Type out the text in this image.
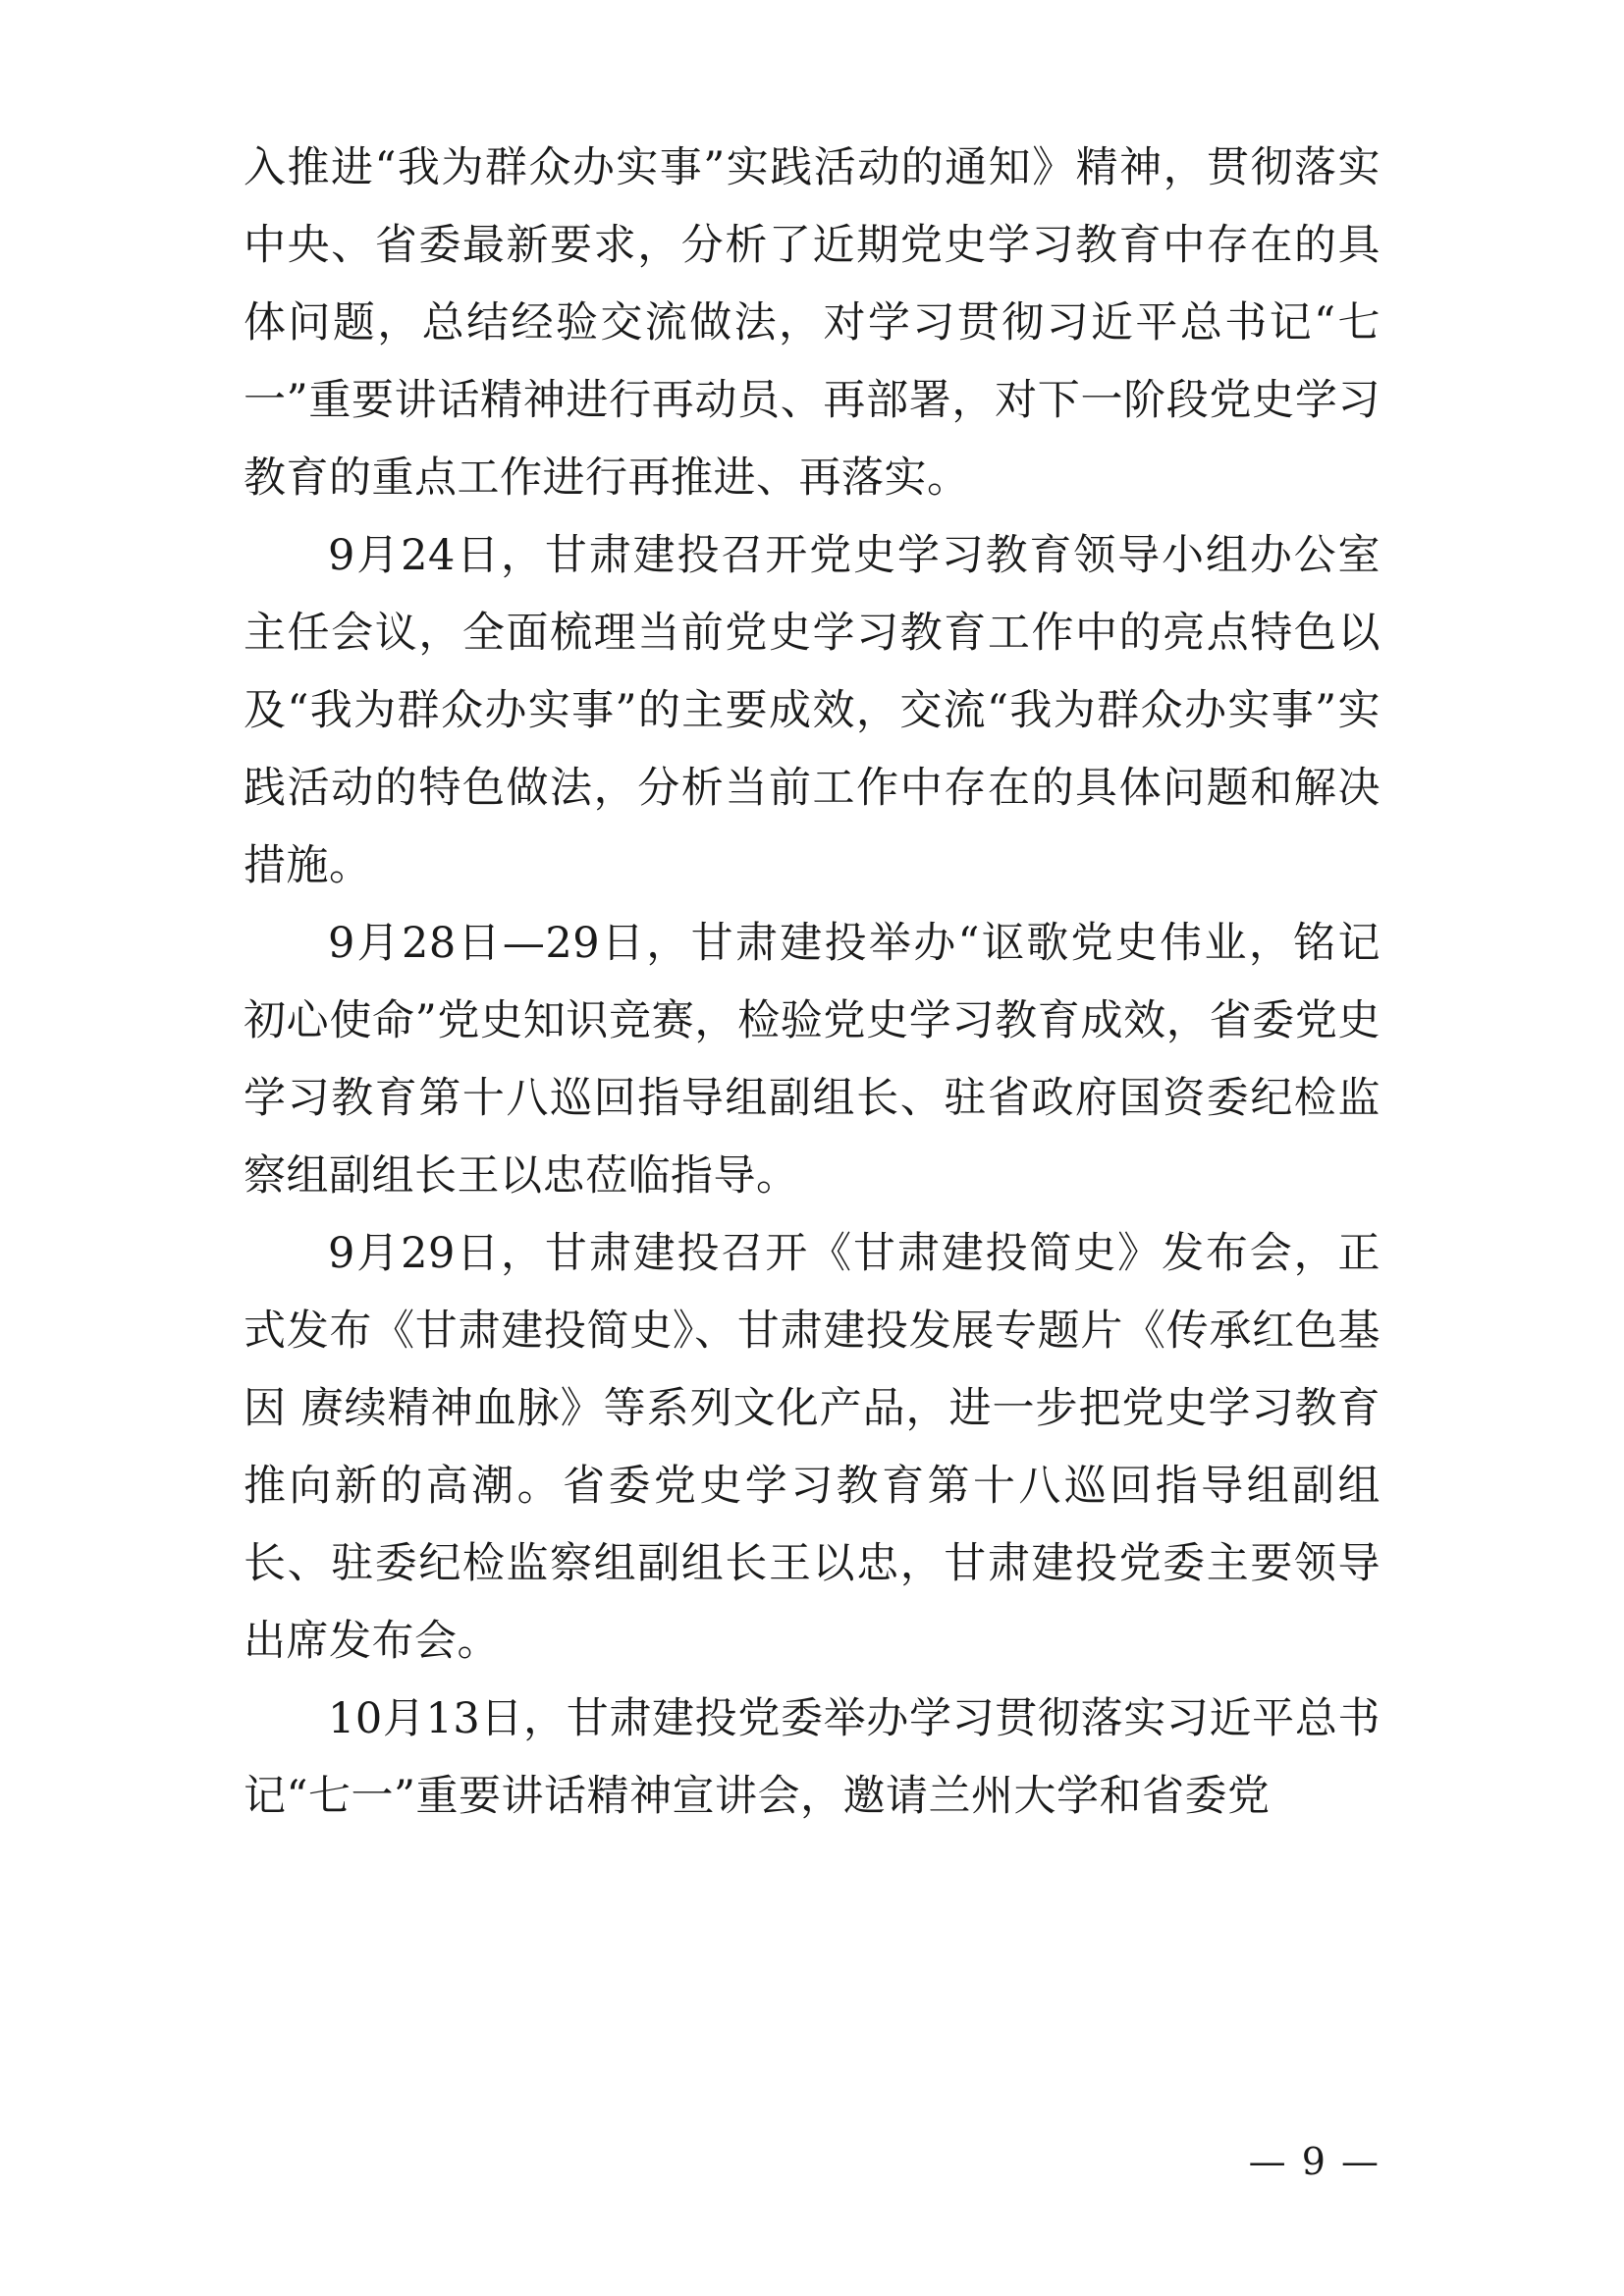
入推进“我为群众办实事”实践活动的通知》精神，贯彻落实中央、省委最新要求，分析了近期党史学习教育中存在的具体问题，总结经验交流做法，对学习贯彻习近平总书记“七一”重要讲话精神进行再动员、再部署，对下一阶段党史学习教育的重点工作进行再推进、再落实。

9月24日，甘肃建投召开党史学习教育领导小组办公室主任会议，全面梳理当前党史学习教育工作中的亮点特色以及“我为群众办实事”的主要成效，交流“我为群众办实事”实践活动的特色做法，分析当前工作中存在的具体问题和解决措施。

9月28日—29日，甘肃建投举办“讴歌党史伟业，铭记初心使命”党史知识竞赛，检验党史学习教育成效，省委党史学习教育第十八巡回指导组副组长、驻省政府国资委纪检监察组副组长王以忠莅临指导。

9月29日，甘肃建投召开《甘肃建投简史》发布会，正式发布《甘肃建投简史》、甘肃建投发展专题片《传承红色基因 赓续精神血脉》等系列文化产品，进一步把党史学习教育推向新的高潮。省委党史学习教育第十八巡回指导组副组长、驻委纪检监察组副组长王以忠，甘肃建投党委主要领导出席发布会。

10月13日，甘肃建投党委举办学习贯彻落实习近平总书记“七一”重要讲话精神宣讲会，邀请兰州大学和省委党

— 9 —
